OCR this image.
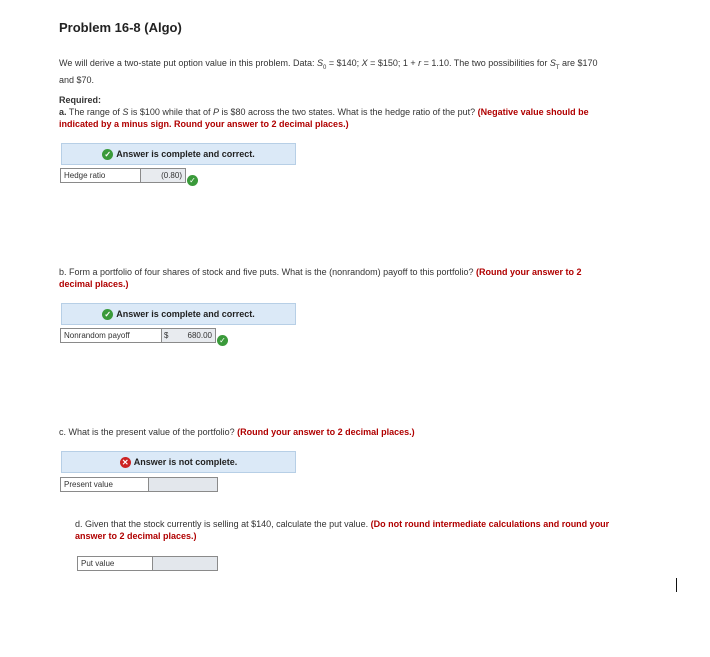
Problem 16-8 (Algo)
We will derive a two-state put option value in this problem. Data: $S_0$ = $140; X = $150; 1 + r = 1.10. The two possibilities for $S_T$ are $170
and $70.
Required:
a. The range of S is $100 while that of P is $80 across the two states. What is the hedge ratio of the put? (Negative value should be
indicated by a minus sign. Round your answer to 2 decimal places.)
✓ Answer is complete and correct.
Hedge ratio	(0.80)
✓
b. Form a portfolio of four shares of stock and five puts. What is the (nonrandom) payoff to this portfolio? (Round your answer to 2
decimal places.)
✓ Answer is complete and correct.
Nonrandom payoff	$ 680.00
✓
c. What is the present value of the portfolio? (Round your answer to 2 decimal places.)
✕ Answer is not complete.
Present value
d. Given that the stock currently is selling at $140, calculate the put value. (Do not round intermediate calculations and round your
answer to 2 decimal places.)
Put value
